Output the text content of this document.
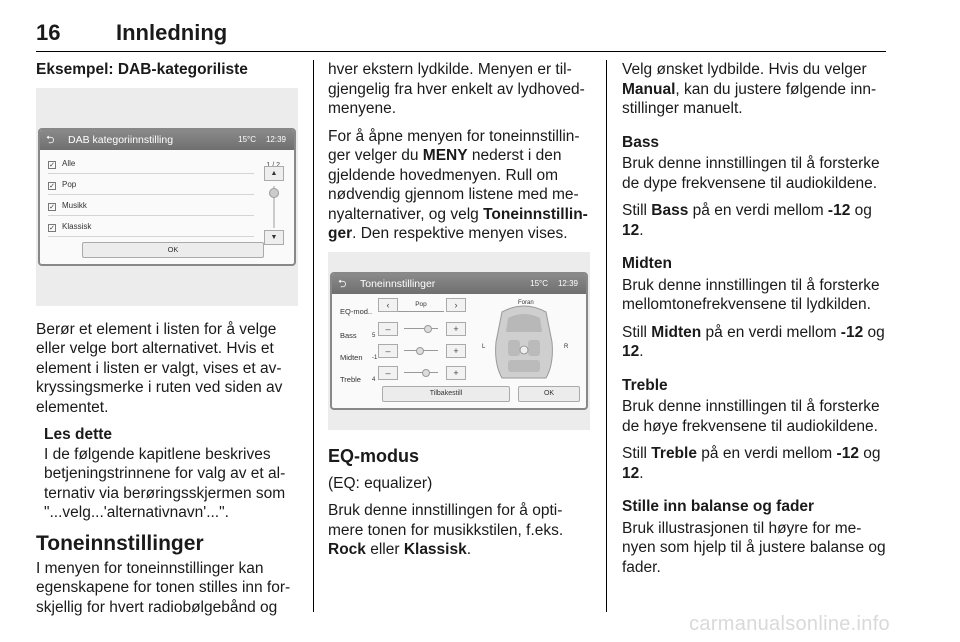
16	Innledning
Eksempel: DAB-kategoriliste
⮌ DAB kategoriinnstilling	15°C 12:39
✓ Alle
✓ Pop
✓ Musikk
✓ Klassisk
▲
▼
OK

Berør et element i listen for å velge eller velge bort alternativet. Hvis et element i listen er valgt, vises et av-kryssingsmerke i ruten ved siden av elementet.

Les dette

I de følgende kapitlene beskrives betjeningstrinnene for valg av et al-ternativ via berøringsskjermen som "...velg...'alternativnavn'...".

Toneinnstillinger

I menyen for toneinnstillinger kan egenskapene for tonen stilles inn for-skjellig for hvert radiobølgebånd og

hver ekstern lydkilde. Menyen er til-gjengelig fra hver enkelt av lydhoved-menyene.

For å åpne menyen for toneinnstillin-ger velger du MENY nederst i den gjeldende hovedmenyen. Rull om nødvendig gjennom listene med me-nyalternativer, og velg Toneinnstillin-ger. Den respektive menyen vises.

⮌ Toneinnstillinger	15°C 12:39
EQ-mod..
‹	Pop	›
Bass	5
–	+
Midten -1
–	+
Treble 4
–	+
Foran
L	R
Tilbakestill	OK
EQ-modus

(EQ: equalizer)

Bruk denne innstillingen for å opti-mere tonen for musikkstilen, f.eks. Rock eller Klassisk.

Velg ønsket lydbilde. Hvis du velger Manual, kan du justere følgende inn-stillinger manuelt.

Bass

Bruk denne innstillingen til å forsterke de dype frekvensene til audiokildene.

Still Bass på en verdi mellom -12 og 12.

Midten

Bruk denne innstillingen til å forsterke mellomtonefrekvensene til lydkilden.

Still Midten på en verdi mellom -12 og 12.

Treble

Bruk denne innstillingen til å forsterke de høye frekvensene til audiokildene.

Still Treble på en verdi mellom -12 og 12.

Stille inn balanse og fader

Bruk illustrasjonen til høyre for me-nyen som hjelp til å justere balanse og fader.

carmanualsonline.info
